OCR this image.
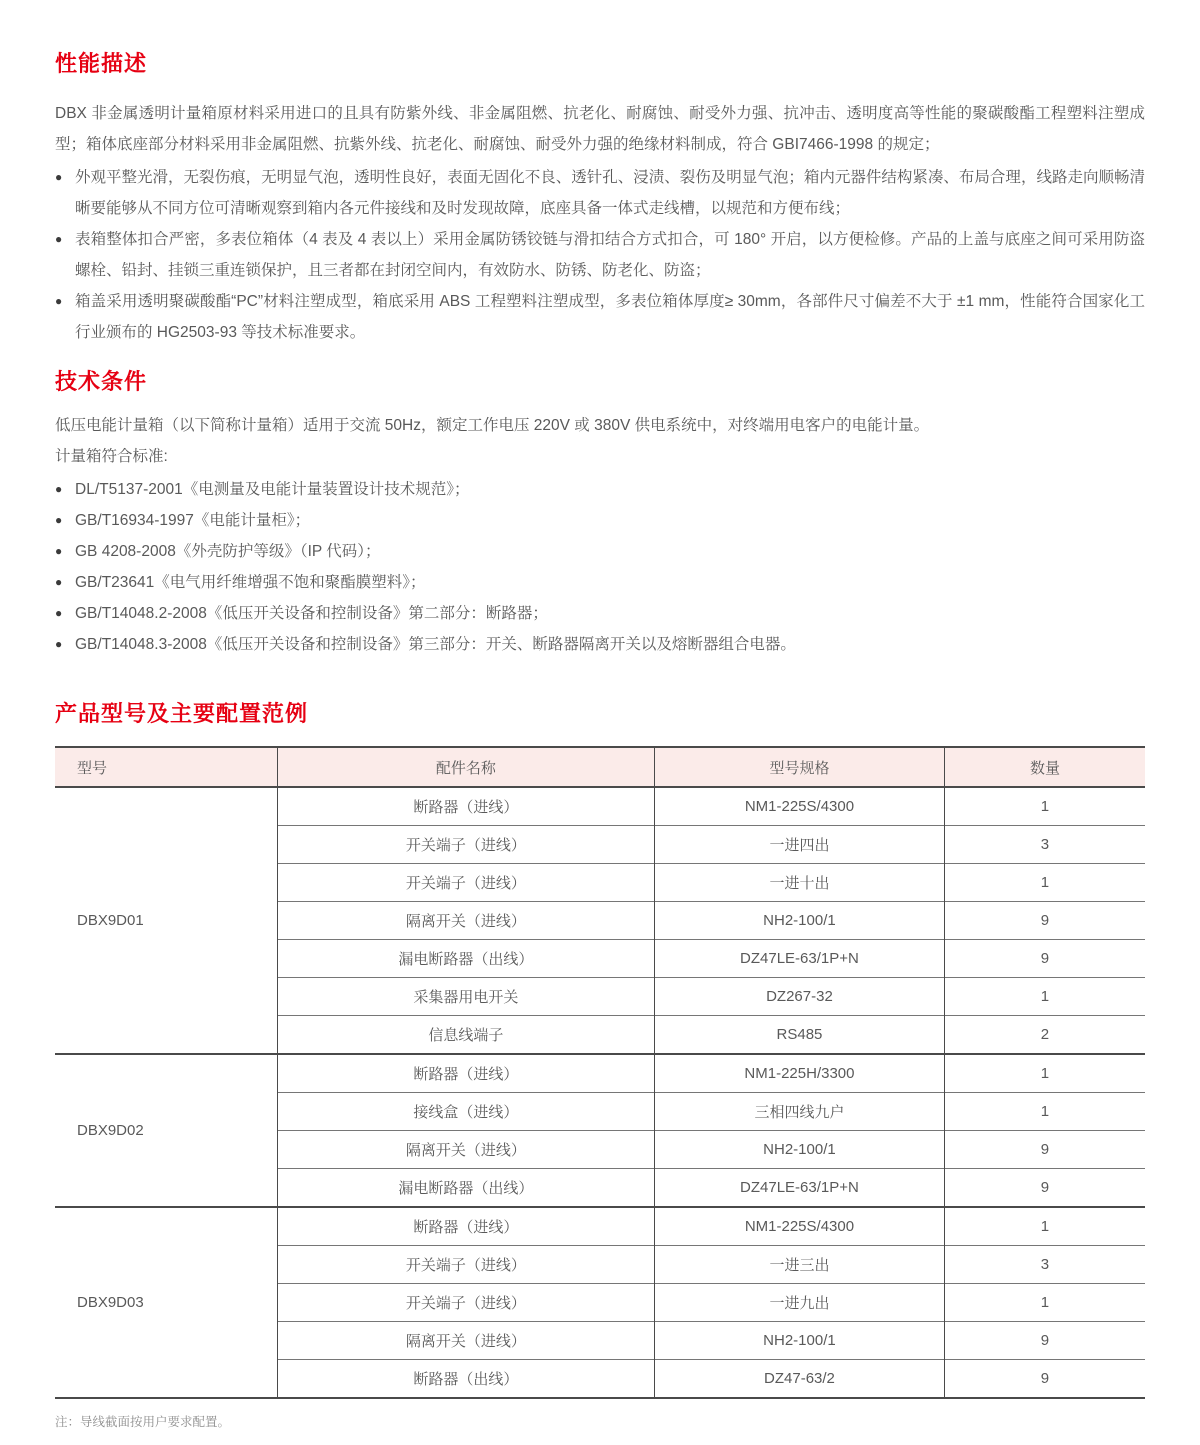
性能描述

DBX 非金属透明计量箱原材料采用进口的且具有防紫外线、非金属阻燃、抗老化、耐腐蚀、耐受外力强、抗冲击、透明度高等性能的聚碳酸酯工程塑料注塑成型；箱体底座部分材料采用非金属阻燃、抗紫外线、抗老化、耐腐蚀、耐受外力强的绝缘材料制成，符合 GBI7466-1998 的规定；

● 外观平整光滑，无裂伤痕，无明显气泡，透明性良好，表面无固化不良、透针孔、浸渍、裂伤及明显气泡；箱内元器件结构紧凑、布局合理，线路走向顺畅清晰要能够从不同方位可清晰观察到箱内各元件接线和及时发现故障，底座具备一体式走线槽，以规范和方便布线；

● 表箱整体扣合严密，多表位箱体（4 表及 4 表以上）采用金属防锈铰链与滑扣结合方式扣合，可 180° 开启，以方便检修。产品的上盖与底座之间可采用防盗螺栓、铅封、挂锁三重连锁保护，且三者都在封闭空间内，有效防水、防锈、防老化、防盗；

● 箱盖采用透明聚碳酸酯“PC”材料注塑成型，箱底采用 ABS 工程塑料注塑成型，多表位箱体厚度≥ 30mm，各部件尺寸偏差不大于 ±1 mm，性能符合国家化工行业颁布的 HG2503-93 等技术标准要求。

技术条件

低压电能计量箱（以下简称计量箱）适用于交流 50Hz，额定工作电压 220V 或 380V 供电系统中，对终端用电客户的电能计量。

计量箱符合标准:

● DL/T5137-2001《电测量及电能计量装置设计技术规范》；

● GB/T16934-1997《电能计量柜》；

● GB 4208-2008《外壳防护等级》（IP 代码）；

● GB/T23641《电气用纤维增强不饱和聚酯膜塑料》；

● GB/T14048.2-2008《低压开关设备和控制设备》第二部分：断路器；

● GB/T14048.3-2008《低压开关设备和控制设备》第三部分：开关、断路器隔离开关以及熔断器组合电器。

产品型号及主要配置范例
型号	配件名称	型号规格	数量
DBX9D01	断路器（进线）	NM1-225S/4300	1
	开关端子（进线）	一进四出	3
	开关端子（进线）	一进十出	1
	隔离开关（进线）	NH2-100/1	9
	漏电断路器（出线）	DZ47LE-63/1P+N	9
	采集器用电开关	DZ267-32	1
	信息线端子	RS485	2
DBX9D02	断路器（进线）	NM1-225H/3300	1
	接线盒（进线）	三相四线九户	1
	隔离开关（进线）	NH2-100/1	9
	漏电断路器（出线）	DZ47LE-63/1P+N	9
DBX9D03	断路器（进线）	NM1-225S/4300	1
	开关端子（进线）	一进三出	3
	开关端子（进线）	一进九出	1
	隔离开关（进线）	NH2-100/1	9
	断路器（出线）	DZ47-63/2	9

注：导线截面按用户要求配置。
